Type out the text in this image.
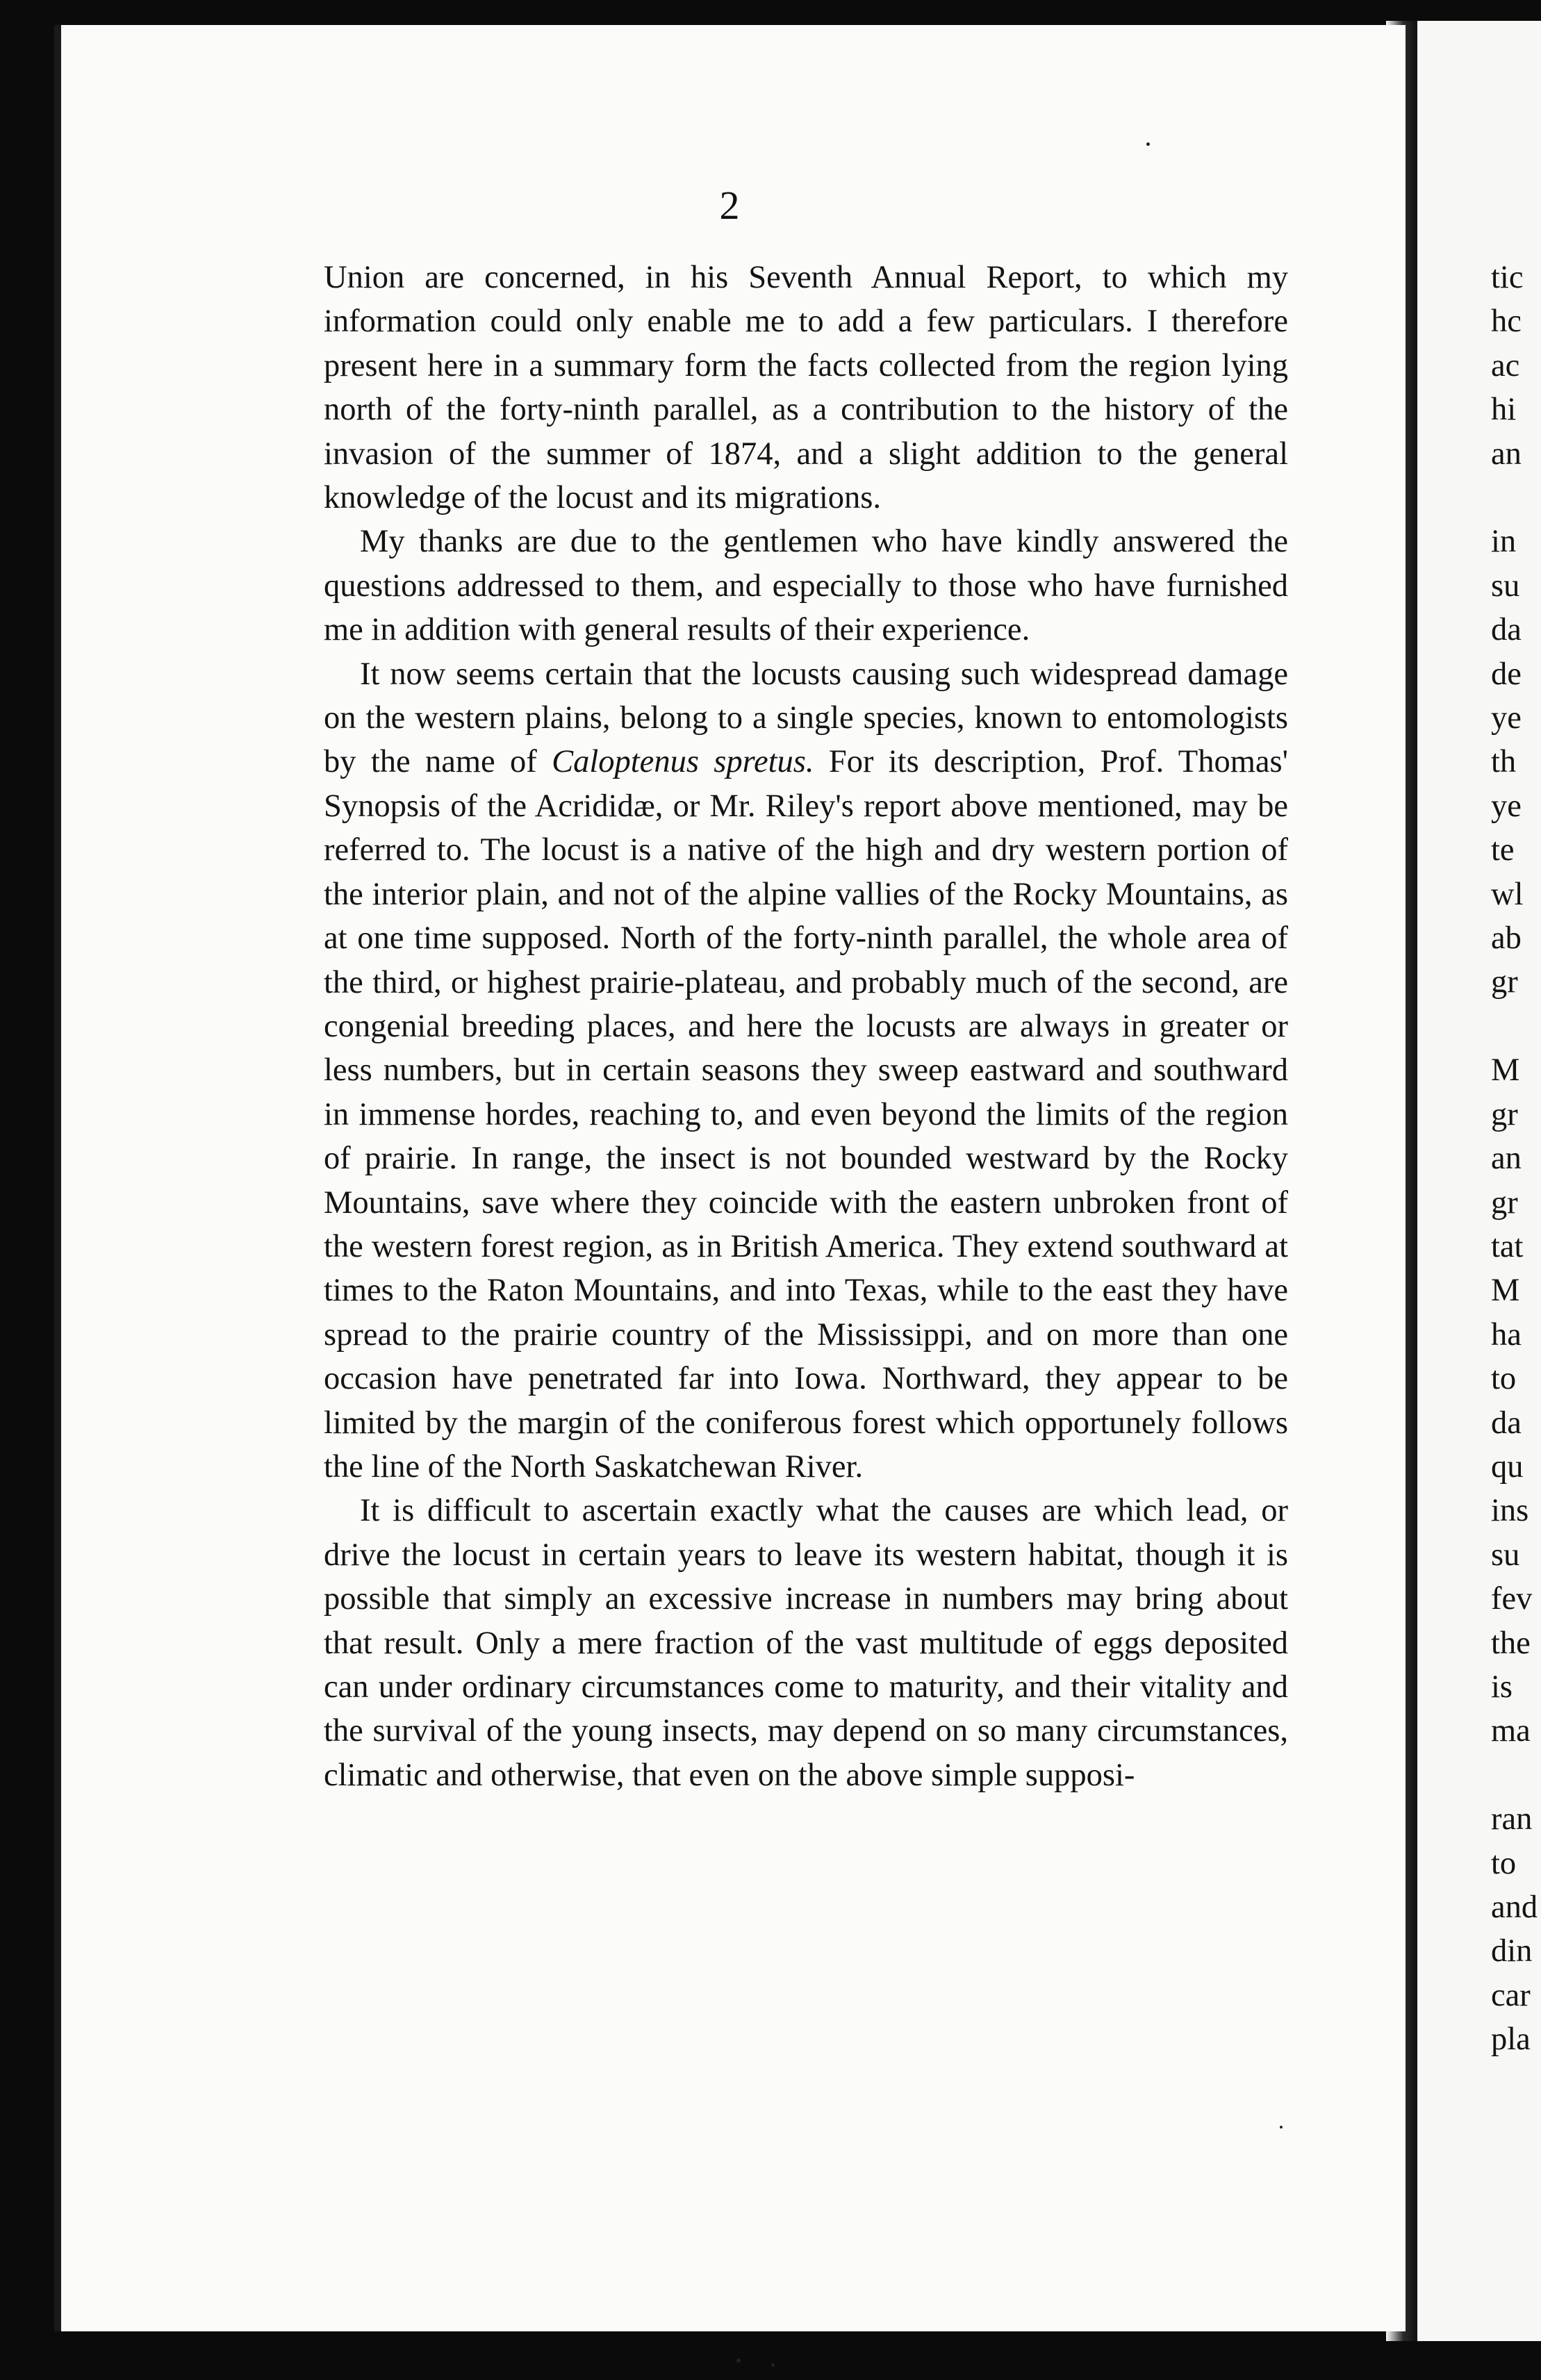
2

Union are concerned, in his Seventh Annual Report, to which my information could only enable me to add a few particulars. I therefore present here in a summary form the facts collected from the region lying north of the forty-ninth parallel, as a contribution to the history of the invasion of the summer of 1874, and a slight addition to the general knowledge of the locust and its migrations.

My thanks are due to the gentlemen who have kindly answered the questions addressed to them, and especially to those who have furnished me in addition with general results of their experience.

It now seems certain that the locusts causing such widespread damage on the western plains, belong to a single species, known to entomologists by the name of Caloptenus spretus. For its description, Prof. Thomas' Synopsis of the Acrididæ, or Mr. Riley's report above mentioned, may be referred to. The locust is a native of the high and dry western portion of the interior plain, and not of the alpine vallies of the Rocky Mountains, as at one time supposed. North of the forty-ninth parallel, the whole area of the third, or highest prairie-plateau, and probably much of the second, are congenial breeding places, and here the locusts are always in greater or less numbers, but in certain seasons they sweep eastward and southward in immense hordes, reaching to, and even beyond the limits of the region of prairie. In range, the insect is not bounded westward by the Rocky Mountains, save where they coincide with the eastern unbroken front of the western forest region, as in British America. They extend southward at times to the Raton Mountains, and into Texas, while to the east they have spread to the prairie country of the Mississippi, and on more than one occasion have penetrated far into Iowa. Northward, they appear to be limited by the margin of the coniferous forest which opportunely follows the line of the North Saskatchewan River.

It is difficult to ascertain exactly what the causes are which lead, or drive the locust in certain years to leave its western habitat, though it is possible that simply an excessive increase in numbers may bring about that result. Only a mere fraction of the vast multitude of eggs deposited can under ordinary circumstances come to maturity, and their vitality and the survival of the young insects, may depend on so many circumstances, climatic and otherwise, that even on the above simple supposi-

tic
hc
ac
hi
an
in
su
da
de
ye
th
ye
te
wl
ab
gr
M
gr
an
gr
tat
M
ha
to
da
qu
ins
su
fev
the
is
ma
ran
to
and
din
car
pla
